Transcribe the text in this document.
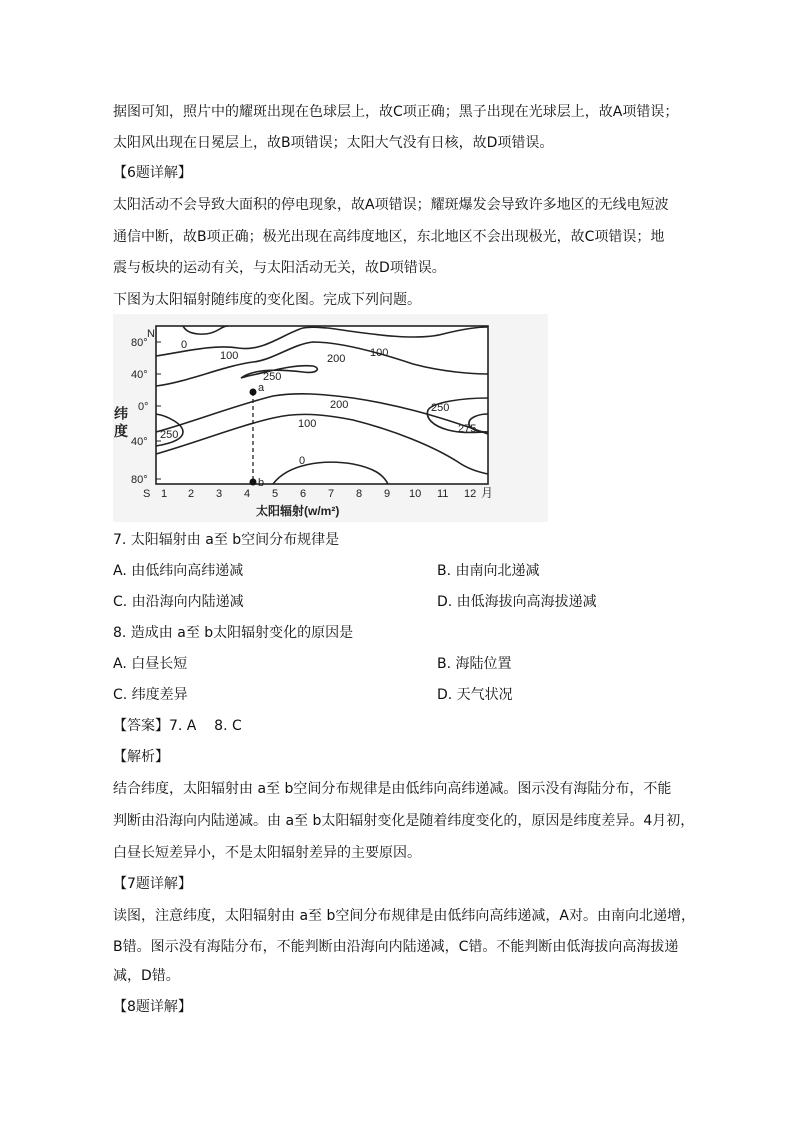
据图可知，照片中的耀斑出现在色球层上，故C项正确；黑子出现在光球层上，故A项错误；
太阳风出现在日冕层上，故B项错误；太阳大气没有日核，故D项错误。
【6题详解】
太阳活动不会导致大面积的停电现象，故A项错误；耀斑爆发会导致许多地区的无线电短波
通信中断，故B项正确；极光出现在高纬度地区，东北地区不会出现极光，故C项错误；地
震与板块的运动有关，与太阳活动无关，故D项错误。
下图为太阳辐射随纬度的变化图。完成下列问题。
纬 度
N
80°
40°
0°
40°
80°
S 1 2 3 4 5 6 7 8 9 10 11 12 月
太阳辐射(w/m²)
0
100	200 100
250
200
100
0
250
250
275
a
b
7. 太阳辐射由 a至 b空间分布规律是
A. 由低纬向高纬递减	B. 由南向北递减
C. 由沿海向内陆递减	D. 由低海拔向高海拔递减
8. 造成由 a至 b太阳辐射变化的原因是
A. 白昼长短	B. 海陆位置
C. 纬度差异	D. 天气状况
【答案】7. A    8. C
【解析】
结合纬度，太阳辐射由 a至 b空间分布规律是由低纬向高纬递减。图示没有海陆分布，不能
判断由沿海向内陆递减。由 a至 b太阳辐射变化是随着纬度变化的，原因是纬度差异。4月初，
白昼长短差异小，不是太阳辐射差异的主要原因。
【7题详解】
读图，注意纬度，太阳辐射由 a至 b空间分布规律是由低纬向高纬递减，A对。由南向北递增，
B错。图示没有海陆分布，不能判断由沿海向内陆递减，C错。不能判断由低海拔向高海拔递
减，D错。
【8题详解】
